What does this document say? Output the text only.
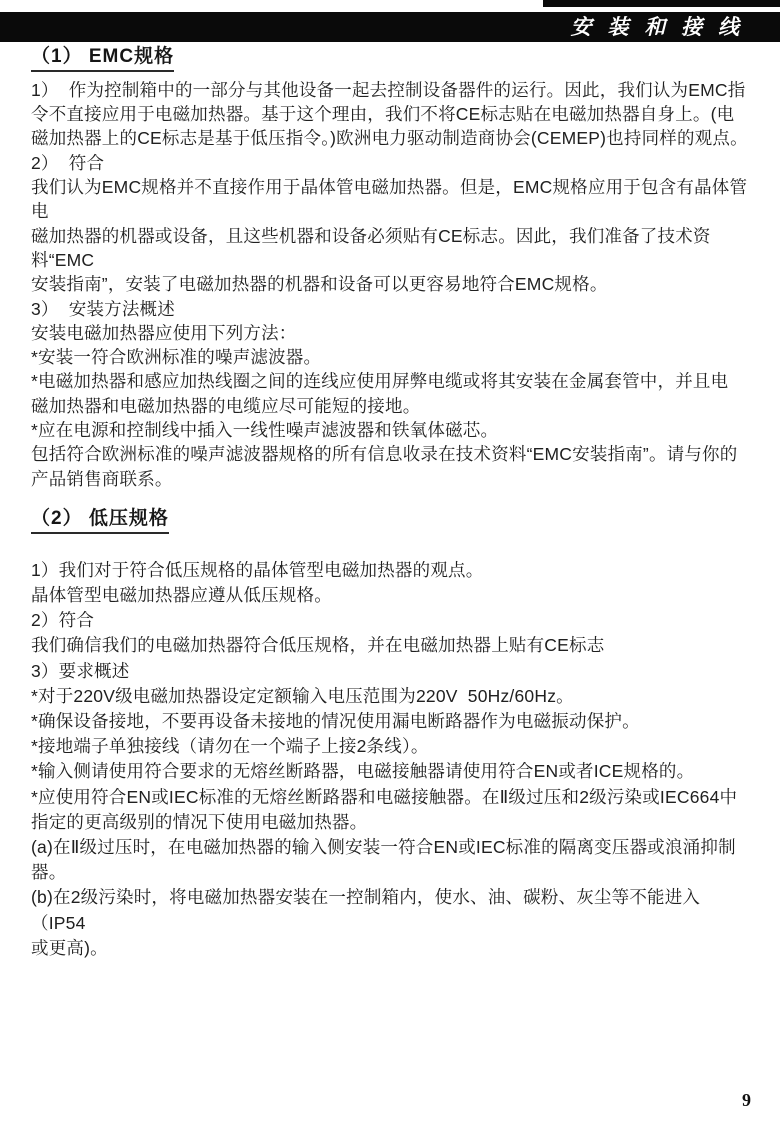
安 装 和 接 线
（1） EMC规格
1）  作为控制箱中的一部分与其他设备一起去控制设备器件的运行。因此，我们认为EMC指
令不直接应用于电磁加热器。基于这个理由，我们不将CE标志贴在电磁加热器自身上。(电
磁加热器上的CE标志是基于低压指令。)欧洲电力驱动制造商协会(CEMEP)也持同样的观点。
2）  符合
我们认为EMC规格并不直接作用于晶体管电磁加热器。但是，EMC规格应用于包含有晶体管电
磁加热器的机器或设备，且这些机器和设备必须贴有CE标志。因此，我们准备了技术资料“EMC
安装指南”，安装了电磁加热器的机器和设备可以更容易地符合EMC规格。
3）  安装方法概述
安装电磁加热器应使用下列方法：
*安装一符合欧洲标准的噪声滤波器。
*电磁加热器和感应加热线圈之间的连线应使用屏弊电缆或将其安装在金属套管中，并且电
磁加热器和电磁加热器的电缆应尽可能短的接地。
*应在电源和控制线中插入一线性噪声滤波器和铁氧体磁芯。
包括符合欧洲标准的噪声滤波器规格的所有信息收录在技术资料“EMC安装指南”。请与你的
产品销售商联系。
（2） 低压规格
1）我们对于符合低压规格的晶体管型电磁加热器的观点。
晶体管型电磁加热器应遵从低压规格。
2）符合
我们确信我们的电磁加热器符合低压规格，并在电磁加热器上贴有CE标志
3）要求概述
*对于220V级电磁加热器设定定额输入电压范围为220V  50Hz/60Hz。
*确保设备接地，不要再设备未接地的情况使用漏电断路器作为电磁振动保护。
*接地端子单独接线（请勿在一个端子上接2条线）。
*输入侧请使用符合要求的无熔丝断路器，电磁接触器请使用符合EN或者ICE规格的。
*应使用符合EN或IEC标准的无熔丝断路器和电磁接触器。在Ⅱ级过压和2级污染或IEC664中
指定的更高级别的情况下使用电磁加热器。
(a)在Ⅱ级过压时，在电磁加热器的输入侧安装一符合EN或IEC标准的隔离变压器或浪涌抑制
器。
(b)在2级污染时，将电磁加热器安装在一控制箱内，使水、油、碳粉、灰尘等不能进入（IP54
或更高)。
9
